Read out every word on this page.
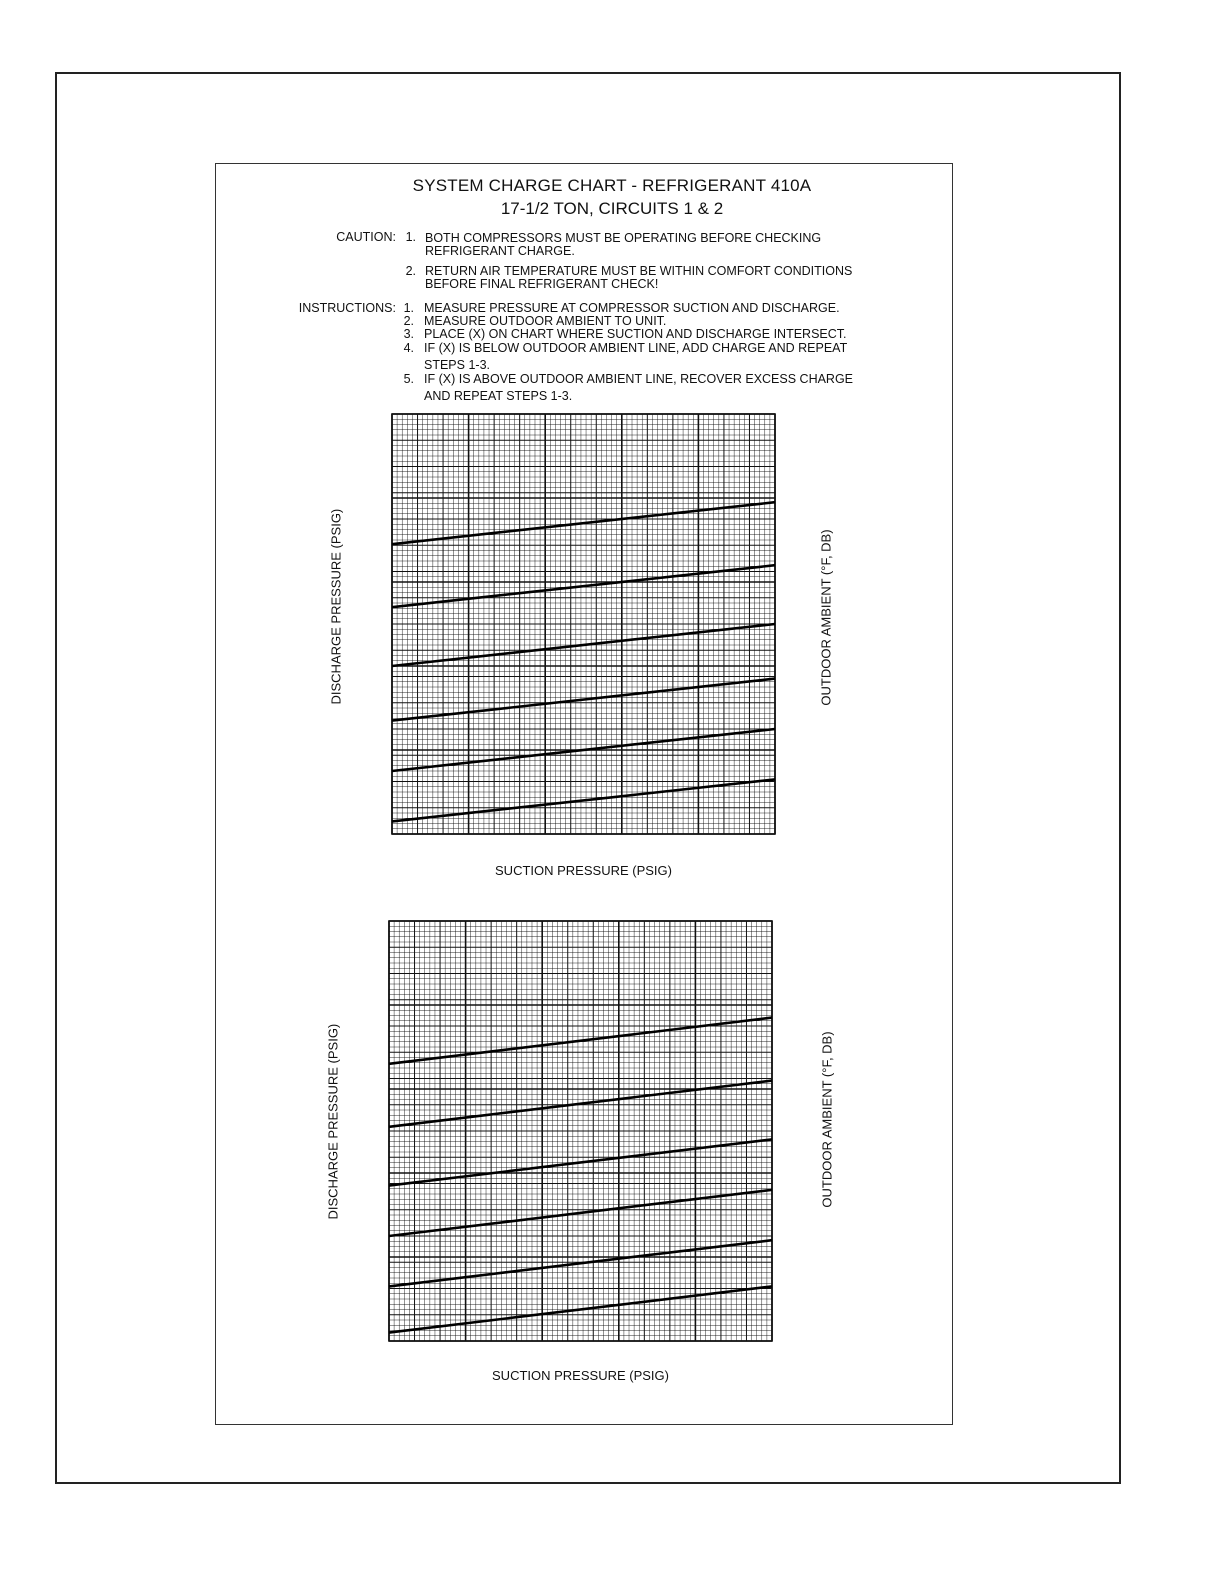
SYSTEM CHARGE CHART - REFRIGERANT 410A
17-1/2 TON, CIRCUITS 1 & 2
CAUTION: 1. BOTH COMPRESSORS MUST BE OPERATING BEFORE CHECKING
REFRIGERANT CHARGE.
2. RETURN AIR TEMPERATURE MUST BE WITHIN COMFORT CONDITIONS
BEFORE FINAL REFRIGERANT CHECK!
INSTRUCTIONS: 1. MEASURE PRESSURE AT COMPRESSOR SUCTION AND DISCHARGE.
2. MEASURE OUTDOOR AMBIENT TO UNIT.
3. PLACE (X) ON CHART WHERE SUCTION AND DISCHARGE INTERSECT.
4. IF (X) IS BELOW OUTDOOR AMBIENT LINE, ADD CHARGE AND REPEAT
STEPS 1-3.
5. IF (X) IS ABOVE OUTDOOR AMBIENT LINE, RECOVER EXCESS CHARGE
AND REPEAT STEPS 1-3.
DISCHARGE PRESSURE (PSIG)	OUTDOOR AMBIENT (°F, DB)
SUCTION PRESSURE (PSIG)
DISCHARGE PRESSURE (PSIG)	OUTDOOR AMBIENT (°F, DB)
SUCTION PRESSURE (PSIG)
